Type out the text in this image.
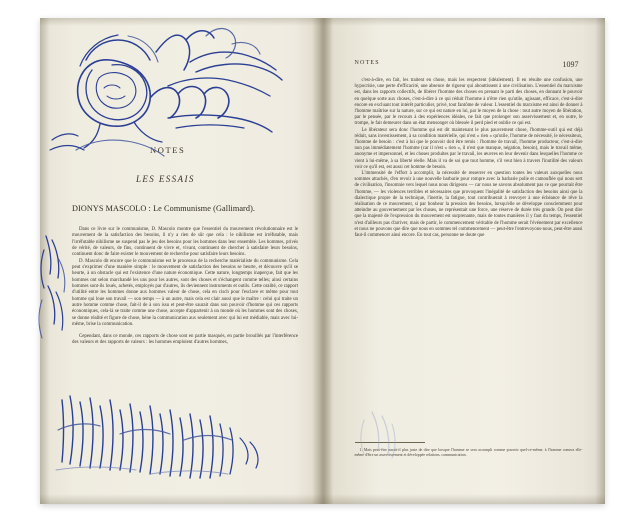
NOTES
LES ESSAIS
DIONYS MASCOLO : Le Communisme (Gallimard).

Dans ce livre sur le communisme, D. Mascolo montre que l'essentiel du mouvement révolutionnaire est le mouvement de la satisfaction des besoins, il n'y a rien de sûr que cela : le nihilisme est irréfutable, mais l'irréfutable nihilisme ne suspend pas le jeu des besoins pour les hommes dans leur ensemble. Les hommes, privés de vérité, de valeurs, de fins, continuent de vivre et, vivant, continuent de chercher à satisfaire leurs besoins, continuent donc de faire exister le mouvement de recherche pour satisfaire leurs besoins.

D. Mascolo dit encore que le communisme est le processus de la recherche matérialiste du communisme. Cela peut s'exprimer d'une manière simple : le mouvement de satisfaction des besoins se heurte, et découvre qu'il se heurte, à un obstacle qui est l'existence d'une nature économique. Cette nature, longtemps inaperçue, fait que les hommes ont selon marchandé les uns pour les autres, sont des choses et s'échangent comme telles; ainsi certains hommes sont-ils loués, achetés, employés par d'autres, ils deviennent instruments et outils. Cette oralité, ce rapport d'utilité entre les hommes donne aux hommes valeur de chose, cela en cisch pour l'esclave et même pour tout homme qui loue son travail — son temps — à un autre, mais cela est clair aussi que le maître : celui qui traite un autre homme comme chose, fait-il de à son issu et peut-être saurait dans son pouvoir d'homme qui ces rapports économiques, cela-là se traite comme une chose, accepte d'appartenir à un monde où les hommes sont des choses, se donne réalité et figure de chose, hène la communication aux seulement avec qui lui est médiable, mais avec lui-même, brise la communication.

Cependant, dans ce monde, ces rapports de chose sont en partie masqués, en partie brouillés par l'interférence des valeurs et des rapports de valeurs : les hommes emploient d'autres hommes,

NOTES	1097

c'est-à-dire, en fait, les traitent en chose, mais les respectent (idéalement). Il en résulte une confusion, une hypocrisie, une perte d'efficacité, une absence de rigueur qui abouttissent à une civilisation. L'essentiel du marxisme est, dans les rapports collectifs, de libérer l'homme des choses en prenant le parti des choses, en donnant le pouvoir en quelque sorte aux choses, c'est-à-dire à ce qui réduit l'homme à n'être rien qu'utile, agissant, efficace, c'est-à-dire encore en excluant tout intérêt particulier, privé, tout fantôme de valeur. L'essentiel du marxisme est ainsi de donner à l'homme maîtrise sur la nature, sur ce qui est nature en lui, par le moyen de la chose : tout autre moyen de libération, par le pensée, par le recours à des expériences idéales, ne fait que prolonger son asservissement et, en outre, le trompe, le fait demeurer dans un état mensonger où blessée il perd pied et oublie ce qui est.

Le libérateur sera donc l'homme qui est dit maintenant le plus pauvrement chose, l'homme-outil qui est déjà réduit, sans investissement, à sa condition matérielle, qui n'est « rien » qu'utile, l'homme de nécessité, le nécessiteux, l'homme de besoin : c'est à lui que le pouvoir doit être remis : l'homme de travail, l'homme producteur, c'est-à-dire non pas immédiatement l'homme (car il n'est « rien », il n'est que manque, négation, besoin), mais le travail même, anonyme et impersonnel, et les choses produites par le travail, les œuvres en leur devenir dans lesquelles l'homme ce vient à lui-même, à sa liberté réelle. Mais il va de soi que tout homme, s'il veut bien à travers l'inutilité des valeurs voir ce qu'il est, est aussi cet homme de besoin.

L'immensité de l'effort à accomplir, la nécessité de resserrer en question toutes les valeurs auxquelles nous sommes attachés, d'en revoir à une nouvelle barbarie pour rompre avec la barbarie polie et camouflée qui nous sert de civilisation, l'insomnie vers lequel nous nous dirigeons — car nous ne savons absolument pas ce que pourrait être l'homme, — les violences terribles et nécessaires que provoquent l'inégalité de satisfaction des besoins ainsi que la dialectique propre de la technique, l'inertie, la fatigue, tout contribuerait à renvoyer à une échéance de rêve la réalisation de ce mouvement, si par bonheur la pression des besoins, lorsqu'elle se développe consciemment pour atteindre au gouvernement par les choses, ne représentait une force, une réserve de durée très grande. On peut dire que la majesté de l'expression du mouvement est surprenante, mais de toutes manières il y faut du temps, l'essentiel n'est d'ailleurs pas d'arriver, mais de partir, le commencement véritable de l'homme serait l'événement par excellence et nous ne pouvons que dire que nous en sommes tel commencement — peut-être l'entrevoyons-nous, peut-être aussi faut-il commencer ainsi encore. En tout cas, personne ne doute que

1. Mais peut-être aurait-il plus juste de dire que lorsque l'homme se sera accompli comme pouvoir quel-ce-même, à l'homme comera elle-même d'être un asservissement et développée relations, communication.
